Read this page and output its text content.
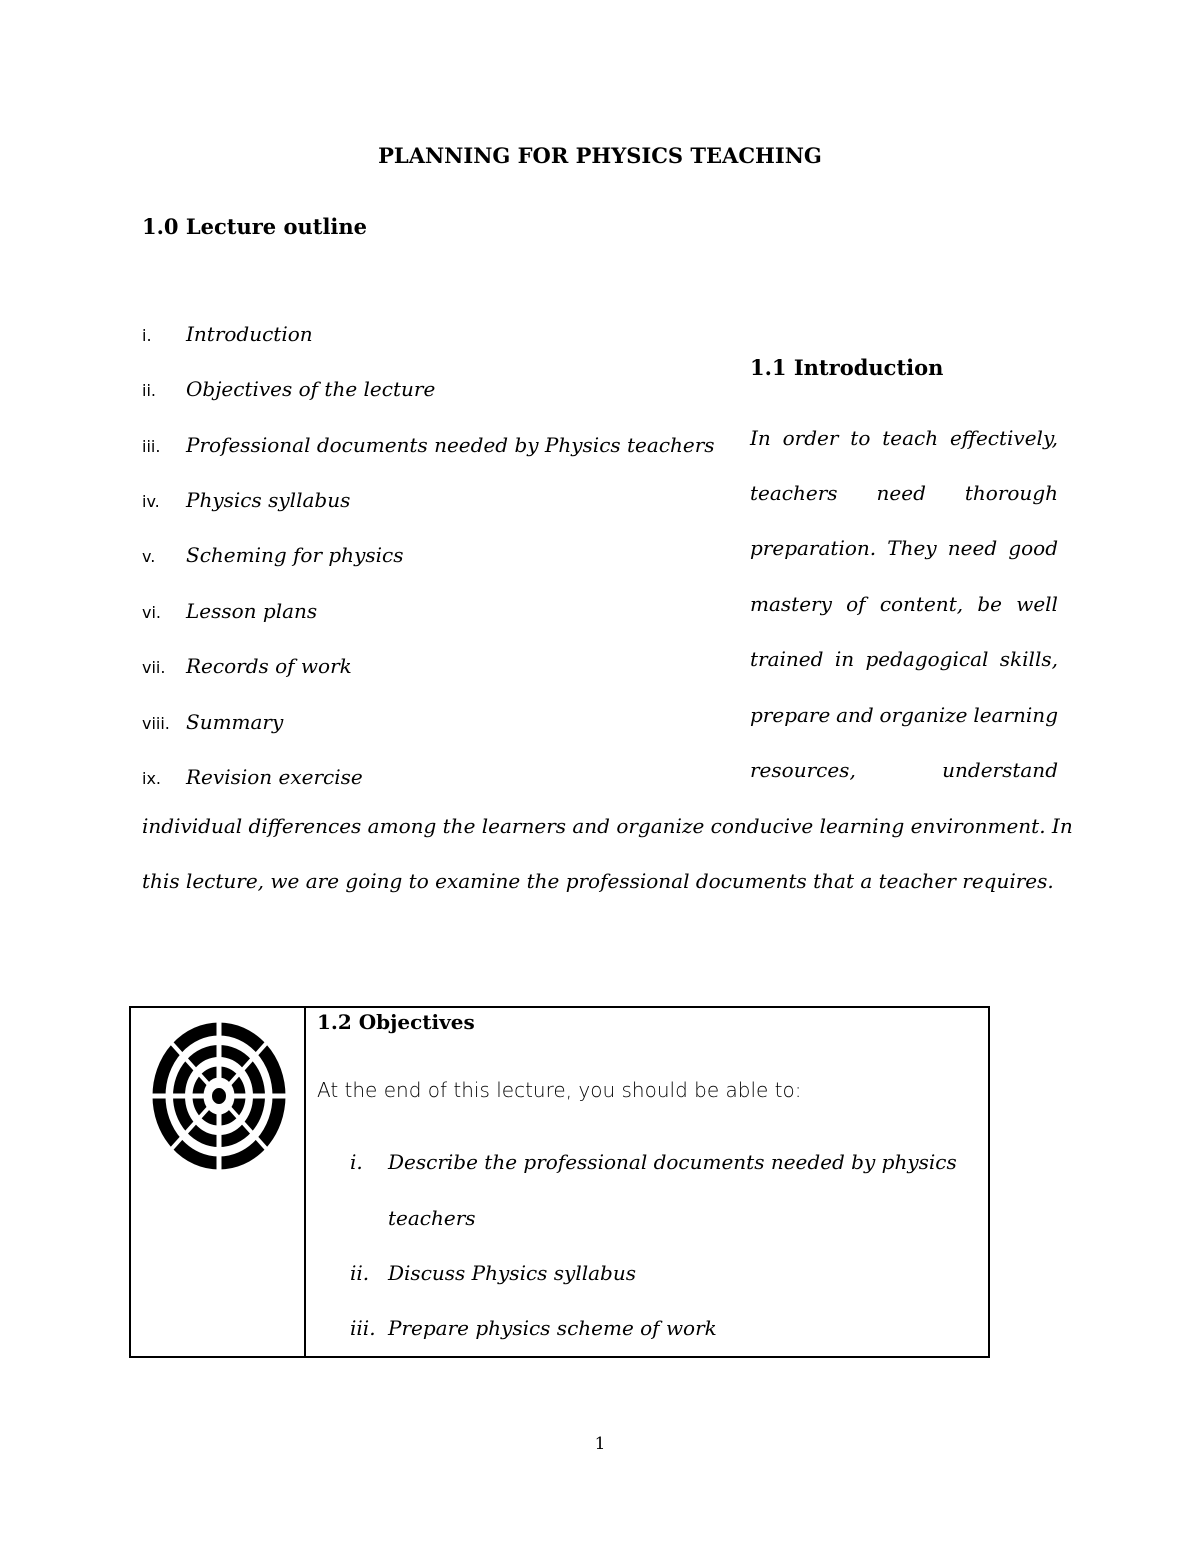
PLANNING FOR PHYSICS TEACHING
1.0 Lecture outline
i. Introduction
ii. Objectives of the lecture
iii. Professional documents needed by Physics teachers
iv. Physics syllabus
v. Scheming for physics
vi. Lesson plans
vii. Records of work
viii. Summary
ix. Revision exercise
1.1 Introduction
In order to teach effectively,
teachers need thorough
preparation. They need good
mastery of content, be well
trained in pedagogical skills,
prepare and organize learning
resources,	understand
individual differences among the learners and organize conducive learning environment. In
this lecture, we are going to examine the professional documents that a teacher requires.
1.2 Objectives
At the end of this lecture, you should be able to:
i. Describe the professional documents needed by physics
teachers
ii. Discuss Physics syllabus
iii. Prepare physics scheme of work
1
